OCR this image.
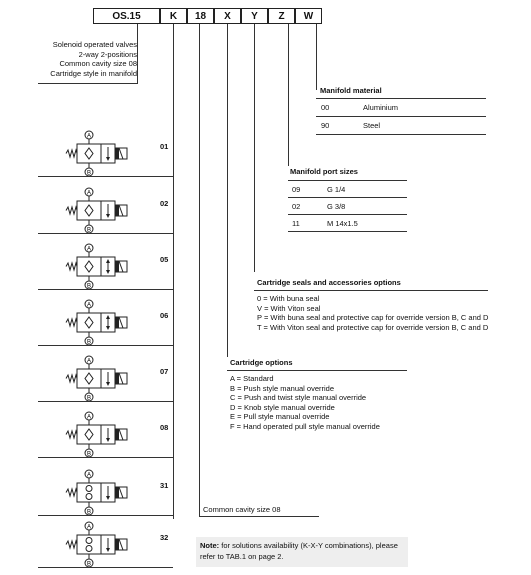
OS.15	K	18	X	Y	Z	W
Solenoid operated valves
2-way 2-positions
Common cavity size 08
Cartridge style in manifold
Manifold material
00	Aluminium
90	Steel
Manifold port sizes
09	G 1/4
02	G 3/8
11	M 14x1.5
Cartridge seals and accessories options
0 = With buna seal
V = With Viton seal
P = With buna seal and protective cap for override version B, C and D
T = With Viton seal and protective cap for override version B, C and D
Cartridge options
A = Standard
B = Push style manual override
C = Push and twist style manual override
D = Knob style manual override
E = Pull style manual override
F = Hand operated pull style manual override
Common cavity size 08
Note: for solutions availability (K-X-Y combinations), please refer to TAB.1 on page 2.
A
B
01
A
B
02
A
B
05
A
B
06
A
B
07
A
B
08
A
B
31
A
B
32
